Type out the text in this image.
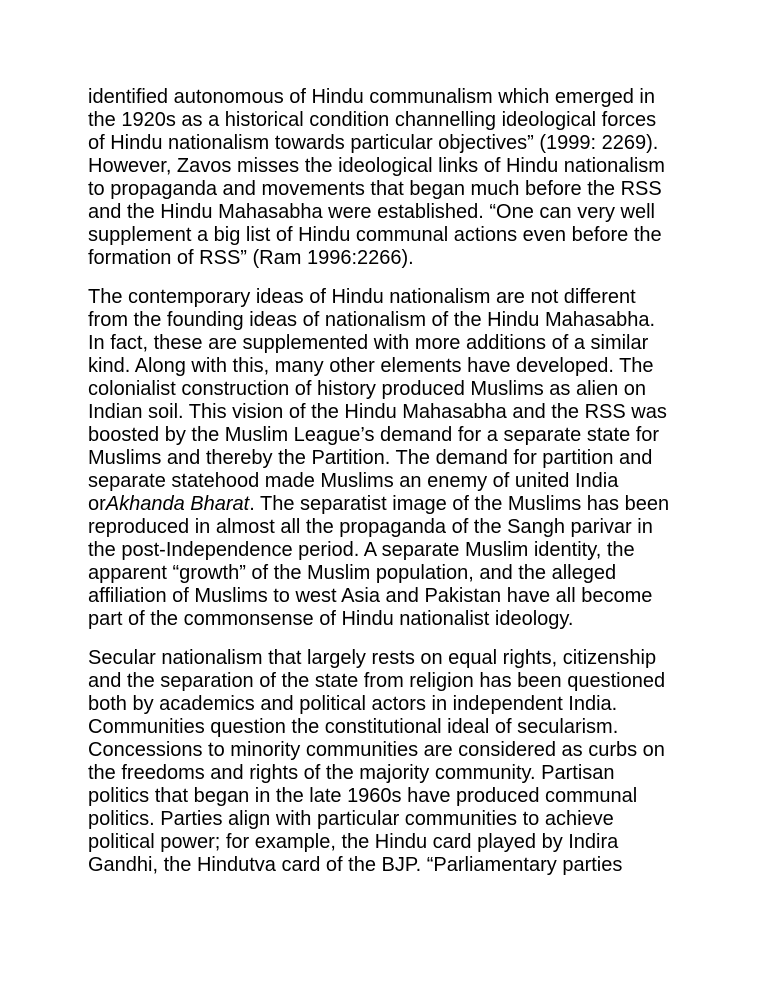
identified autonomous of Hindu communalism which emerged in
the 1920s as a historical condition channelling ideological forces
of Hindu nationalism towards particular objectives” (1999: 2269).
However, Zavos misses the ideological links of Hindu nationalism
to propaganda and movements that began much before the RSS
and the Hindu Mahasabha were established. “One can very well
supplement a big list of Hindu communal actions even before the
formation of RSS” (Ram 1996:2266).
The contemporary ideas of Hindu nationalism are not different
from the founding ideas of nationalism of the Hindu Mahasabha.
In fact, these are supplemented with more additions of a similar
kind. Along with this, many other elements have developed. The
colonialist construction of history produced Muslims as alien on
Indian soil. This vision of the Hindu Mahasabha and the RSS was
boosted by the Muslim League’s demand for a separate state for
Muslims and thereby the Partition. The demand for partition and
separate statehood made Muslims an enemy of united India
orAkhanda Bharat. The separatist image of the Muslims has been
reproduced in almost all the propaganda of the Sangh parivar in
the post-Independence period. A separate Muslim identity, the
apparent “growth” of the Muslim population, and the alleged
affiliation of Muslims to west Asia and Pakistan have all become
part of the commonsense of Hindu nationalist ideology.
Secular nationalism that largely rests on equal rights, citizenship
and the separation of the state from religion has been questioned
both by academics and political actors in independent India.
Communities question the constitutional ideal of secularism.
Concessions to minority communities are considered as curbs on
the freedoms and rights of the majority community. Partisan
politics that began in the late 1960s have produced communal
politics. Parties align with particular communities to achieve
political power; for example, the Hindu card played by Indira
Gandhi, the Hindutva card of the BJP. “Parliamentary parties
